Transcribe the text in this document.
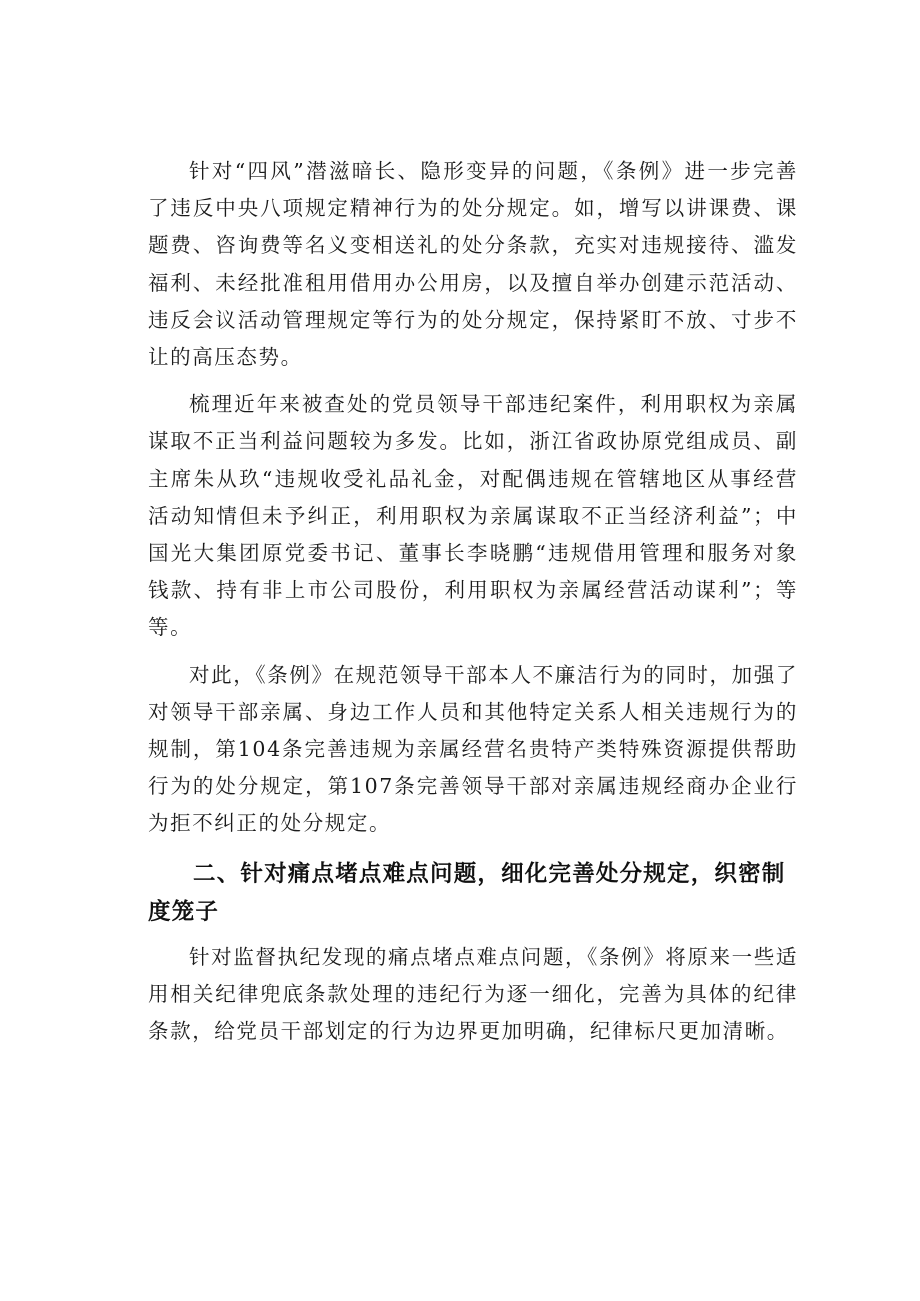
针对“四风”潜滋暗长、隐形变异的问题，《条例》进一步完善了违反中央八项规定精神行为的处分规定。如，增写以讲课费、课题费、咨询费等名义变相送礼的处分条款，充实对违规接待、滥发福利、未经批准租用借用办公用房，以及擅自举办创建示范活动、违反会议活动管理规定等行为的处分规定，保持紧盯不放、寸步不让的高压态势。

梳理近年来被查处的党员领导干部违纪案件，利用职权为亲属谋取不正当利益问题较为多发。比如，浙江省政协原党组成员、副主席朱从玖“违规收受礼品礼金，对配偶违规在管辖地区从事经营活动知情但未予纠正，利用职权为亲属谋取不正当经济利益”；中国光大集团原党委书记、董事长李晓鹏“违规借用管理和服务对象钱款、持有非上市公司股份，利用职权为亲属经营活动谋利”；等等。

对此，《条例》在规范领导干部本人不廉洁行为的同时，加强了对领导干部亲属、身边工作人员和其他特定关系人相关违规行为的规制，第104条完善违规为亲属经营名贵特产类特殊资源提供帮助行为的处分规定，第107条完善领导干部对亲属违规经商办企业行为拒不纠正的处分规定。

二、针对痛点堵点难点问题，细化完善处分规定，织密制度笼子

针对监督执纪发现的痛点堵点难点问题，《条例》将原来一些适用相关纪律兜底条款处理的违纪行为逐一细化，完善为具体的纪律条款，给党员干部划定的行为边界更加明确，纪律标尺更加清晰。
